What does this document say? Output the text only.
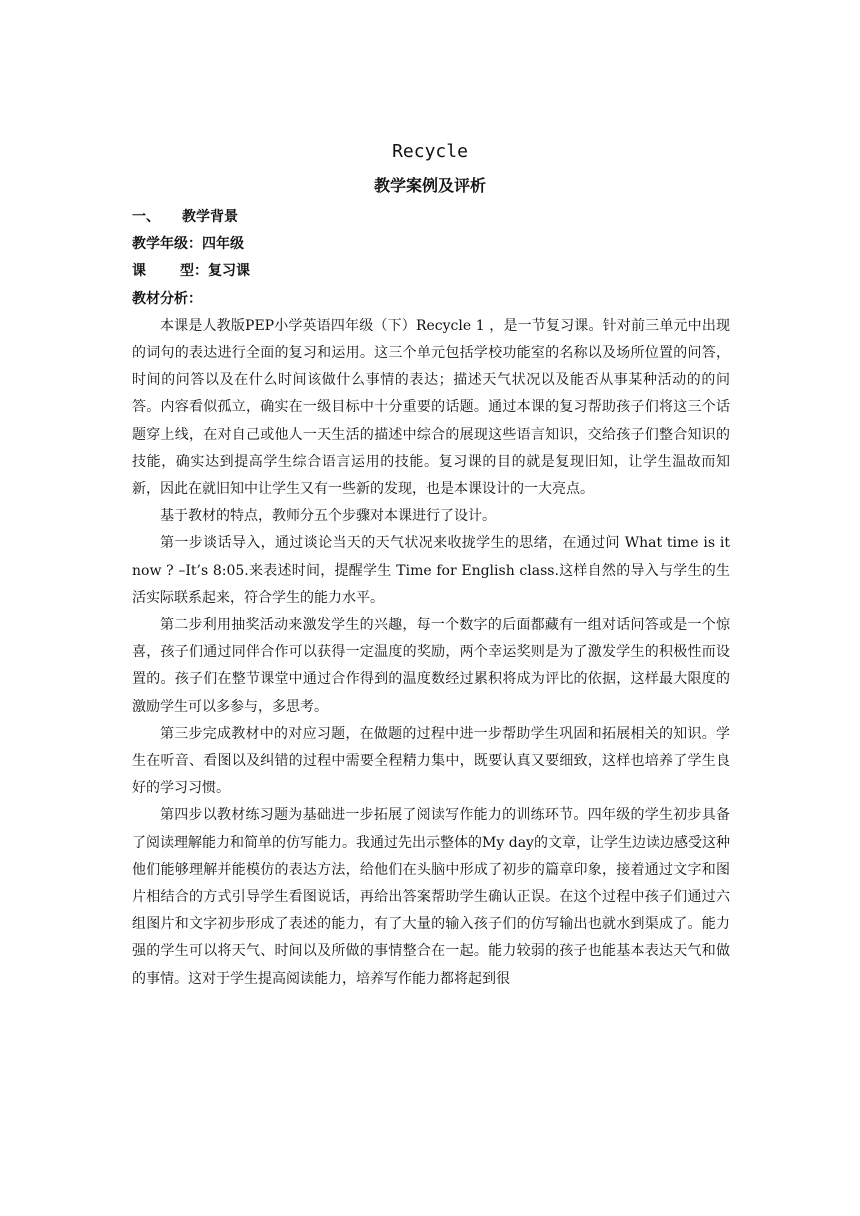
Recycle
教学案例及评析

一、 教学背景

教学年级：四年级

课 型：复习课

教材分析：

本课是人教版PEP小学英语四年级（下）Recycle 1 ，是一节复习课。针对前三单元中出现的词句的表达进行全面的复习和运用。这三个单元包括学校功能室的名称以及场所位置的问答，时间的问答以及在什么时间该做什么事情的表达；描述天气状况以及能否从事某种活动的的问答。内容看似孤立，确实在一级目标中十分重要的话题。通过本课的复习帮助孩子们将这三个话题穿上线，在对自己或他人一天生活的描述中综合的展现这些语言知识，交给孩子们整合知识的技能，确实达到提高学生综合语言运用的技能。复习课的目的就是复现旧知，让学生温故而知新，因此在就旧知中让学生又有一些新的发现，也是本课设计的一大亮点。

基于教材的特点，教师分五个步骤对本课进行了设计。

第一步谈话导入，通过谈论当天的天气状况来收拢学生的思绪，在通过问 What time is it now ? –It’s 8:05.来表述时间，提醒学生 Time for English class.这样自然的导入与学生的生活实际联系起来，符合学生的能力水平。

第二步利用抽奖活动来激发学生的兴趣，每一个数字的后面都藏有一组对话问答或是一个惊喜，孩子们通过同伴合作可以获得一定温度的奖励，两个幸运奖则是为了激发学生的积极性而设置的。孩子们在整节课堂中通过合作得到的温度数经过累积将成为评比的依据，这样最大限度的激励学生可以多参与，多思考。

第三步完成教材中的对应习题，在做题的过程中进一步帮助学生巩固和拓展相关的知识。学生在听音、看图以及纠错的过程中需要全程精力集中，既要认真又要细致，这样也培养了学生良好的学习习惯。

第四步以教材练习题为基础进一步拓展了阅读写作能力的训练环节。四年级的学生初步具备了阅读理解能力和简单的仿写能力。我通过先出示整体的My day的文章，让学生边读边感受这种他们能够理解并能模仿的表达方法，给他们在头脑中形成了初步的篇章印象，接着通过文字和图片相结合的方式引导学生看图说话，再给出答案帮助学生确认正误。在这个过程中孩子们通过六组图片和文字初步形成了表述的能力，有了大量的输入孩子们的仿写输出也就水到渠成了。能力强的学生可以将天气、时间以及所做的事情整合在一起。能力较弱的孩子也能基本表达天气和做的事情。这对于学生提高阅读能力，培养写作能力都将起到很
